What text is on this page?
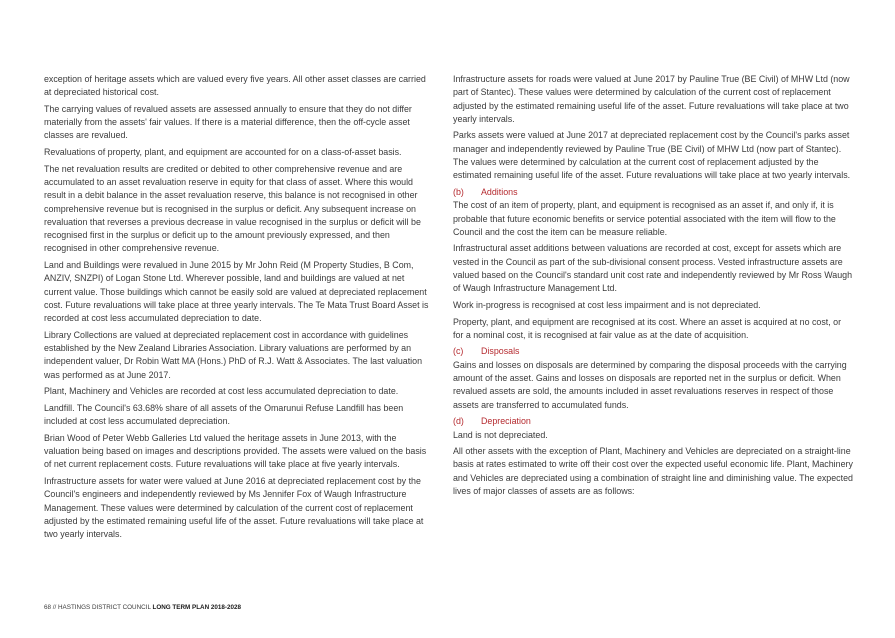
exception of heritage assets which are valued every five years. All other asset classes are carried at depreciated historical cost.

The carrying values of revalued assets are assessed annually to ensure that they do not differ materially from the assets' fair values. If there is a material difference, then the off-cycle asset classes are revalued.

Revaluations of property, plant, and equipment are accounted for on a class-of-asset basis.

The net revaluation results are credited or debited to other comprehensive revenue and are accumulated to an asset revaluation reserve in equity for that class of asset. Where this would result in a debit balance in the asset revaluation reserve, this balance is not recognised in other comprehensive revenue but is recognised in the surplus or deficit. Any subsequent increase on revaluation that reverses a previous decrease in value recognised in the surplus or deficit will be recognised first in the surplus or deficit up to the amount previously expressed, and then recognised in other comprehensive revenue.

Land and Buildings were revalued in June 2015 by Mr John Reid (M Property Studies, B Com, ANZIV, SNZPI) of Logan Stone Ltd. Wherever possible, land and buildings are valued at net current value. Those buildings which cannot be easily sold are valued at depreciated replacement cost. Future revaluations will take place at three yearly intervals. The Te Mata Trust Board Asset is recorded at cost less accumulated depreciation to date.

Library Collections are valued at depreciated replacement cost in accordance with guidelines established by the New Zealand Libraries Association. Library valuations are performed by an independent valuer, Dr Robin Watt MA (Hons.) PhD of R.J. Watt & Associates. The last valuation was performed as at June 2017.

Plant, Machinery and Vehicles are recorded at cost less accumulated depreciation to date.

Landfill. The Council's 63.68% share of all assets of the Omarunui Refuse Landfill has been included at cost less accumulated depreciation.

Brian Wood of Peter Webb Galleries Ltd valued the heritage assets in June 2013, with the valuation being based on images and descriptions provided. The assets were valued on the basis of net current replacement costs. Future revaluations will take place at five yearly intervals.

Infrastructure assets for water were valued at June 2016 at depreciated replacement cost by the Council's engineers and independently reviewed by Ms Jennifer Fox of Waugh Infrastructure Management. These values were determined by calculation of the current cost of replacement adjusted by the estimated remaining useful life of the asset. Future revaluations will take place at two yearly intervals.

Infrastructure assets for roads were valued at June 2017 by Pauline True (BE Civil) of MHW Ltd (now part of Stantec). These values were determined by calculation of the current cost of replacement adjusted by the estimated remaining useful life of the asset. Future revaluations will take place at two yearly intervals.

Parks assets were valued at June 2017 at depreciated replacement cost by the Council's parks asset manager and independently reviewed by Pauline True (BE Civil) of MHW Ltd (now part of Stantec). The values were determined by calculation at the current cost of replacement adjusted by the estimated remaining useful life of the asset. Future revaluations will take place at two yearly intervals.

(b) Additions

The cost of an item of property, plant, and equipment is recognised as an asset if, and only if, it is probable that future economic benefits or service potential associated with the item will flow to the Council and the cost the item can be measure reliable.

Infrastructural asset additions between valuations are recorded at cost, except for assets which are vested in the Council as part of the sub-divisional consent process. Vested infrastructure assets are valued based on the Council's standard unit cost rate and independently reviewed by Mr Ross Waugh of Waugh Infrastructure Management Ltd.

Work in-progress is recognised at cost less impairment and is not depreciated.

Property, plant, and equipment are recognised at its cost. Where an asset is acquired at no cost, or for a nominal cost, it is recognised at fair value as at the date of acquisition.

(c) Disposals

Gains and losses on disposals are determined by comparing the disposal proceeds with the carrying amount of the asset. Gains and losses on disposals are reported net in the surplus or deficit. When revalued assets are sold, the amounts included in asset revaluations reserves in respect of those assets are transferred to accumulated funds.

(d) Depreciation

Land is not depreciated.

All other assets with the exception of Plant, Machinery and Vehicles are depreciated on a straight-line basis at rates estimated to write off their cost over the expected useful economic life. Plant, Machinery and Vehicles are depreciated using a combination of straight line and diminishing value. The expected lives of major classes of assets are as follows:

68 // HASTINGS DISTRICT COUNCIL LONG TERM PLAN 2018-2028
